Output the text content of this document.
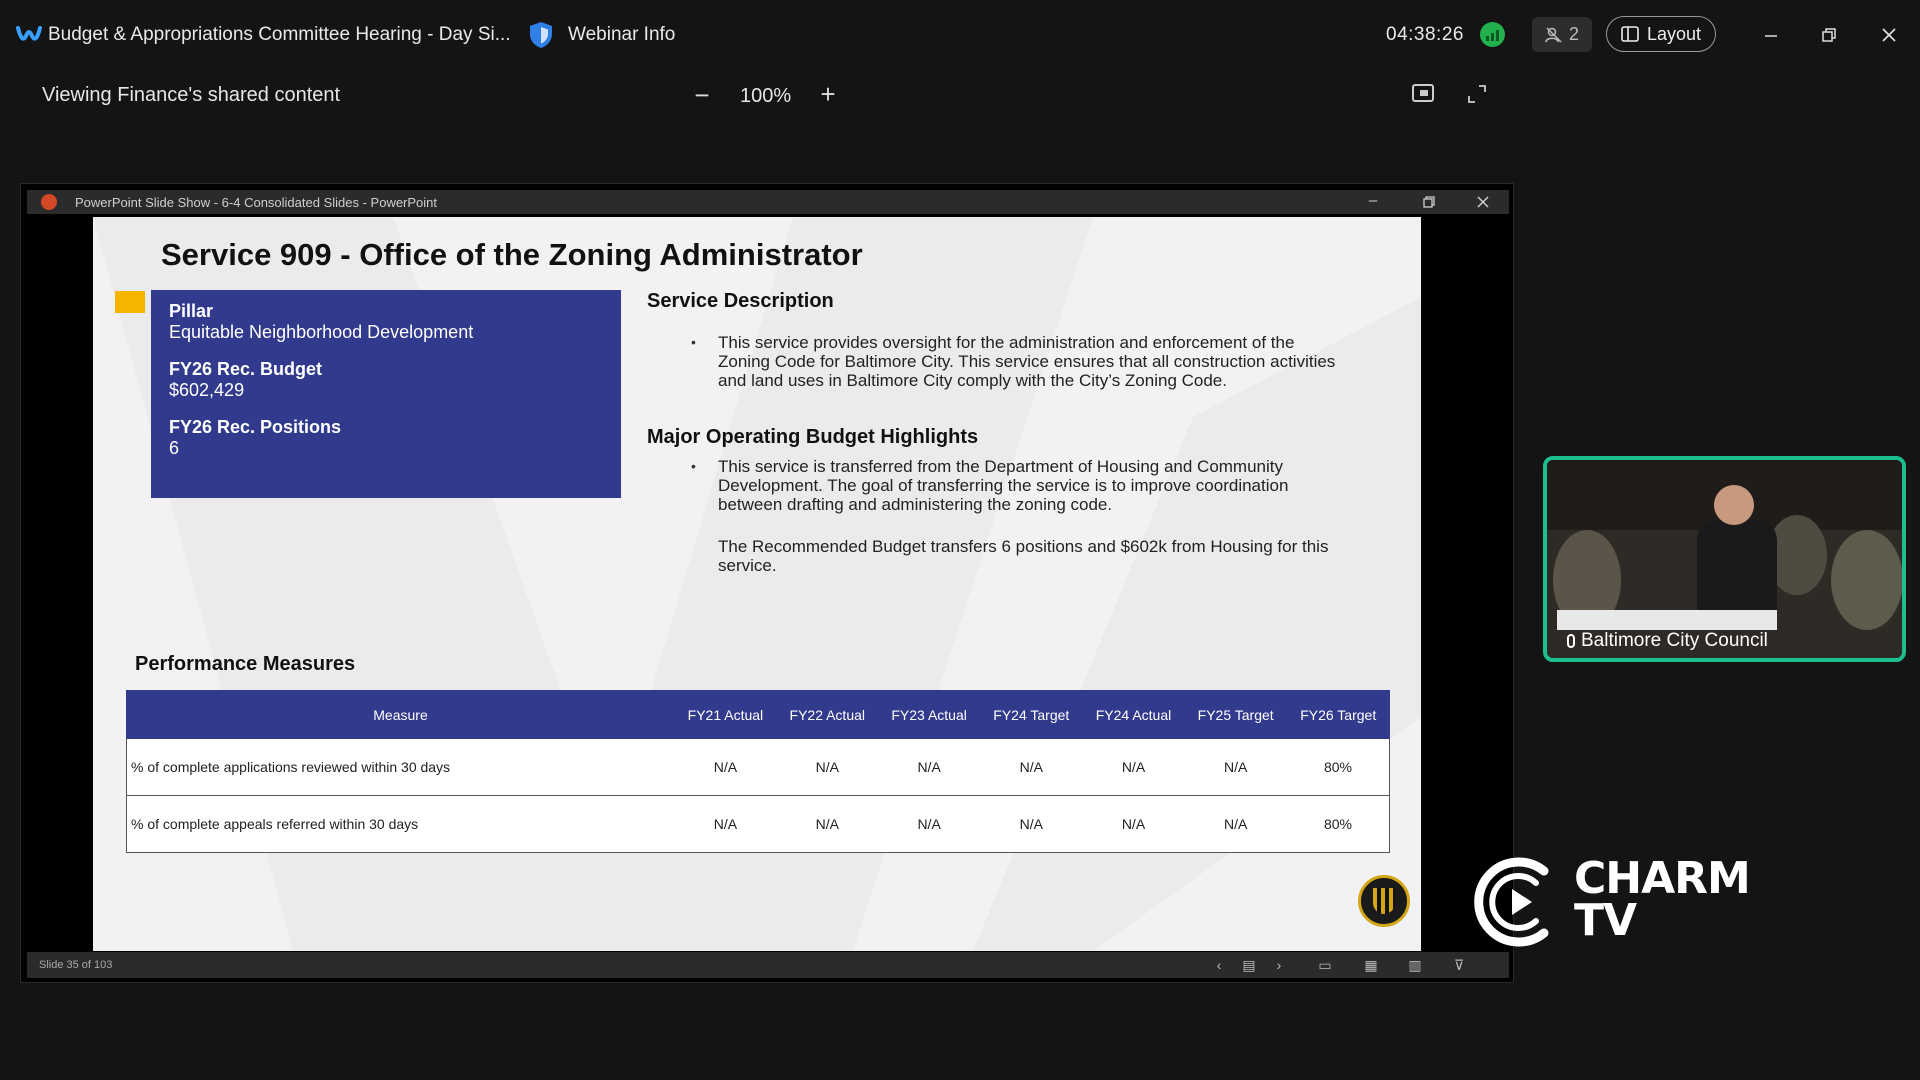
Budget & Appropriations Committee Hearing - Day Si...	Webinar Info	04:38:26	2	Layout
Viewing Finance's shared content	− 100% +
PowerPoint Slide Show - 6-4 Consolidated Slides - PowerPoint	–
Slide 35 of 103	‹	▤	›	▭ ▦ ▥ ⊽
Service 909 - Office of the Zoning Administrator
Pillar
Equitable Neighborhood Development
FY26 Rec. Budget
$602,429
FY26 Rec. Positions
6
Service Description
• This service provides oversight for the administration and enforcement of the Zoning Code for Baltimore City. This service ensures that all construction activities and land uses in Baltimore City comply with the City’s Zoning Code.
Major Operating Budget Highlights
• This service is transferred from the Department of Housing and Community Development. The goal of transferring the service is to improve coordination between drafting and administering the zoning code.
The Recommended Budget transfers 6 positions and $602k from Housing for this service.
Performance Measures
Measure	FY21 Actual	FY22 Actual	FY23 Actual	FY24 Target	FY24 Actual	FY25 Target	FY26 Target
% of complete applications reviewed within 30 days	N/A	N/A	N/A	N/A	N/A	N/A	80%
% of complete appeals referred within 30 days	N/A	N/A	N/A	N/A	N/A	N/A	80%
Baltimore City Council
CHARM
TV
